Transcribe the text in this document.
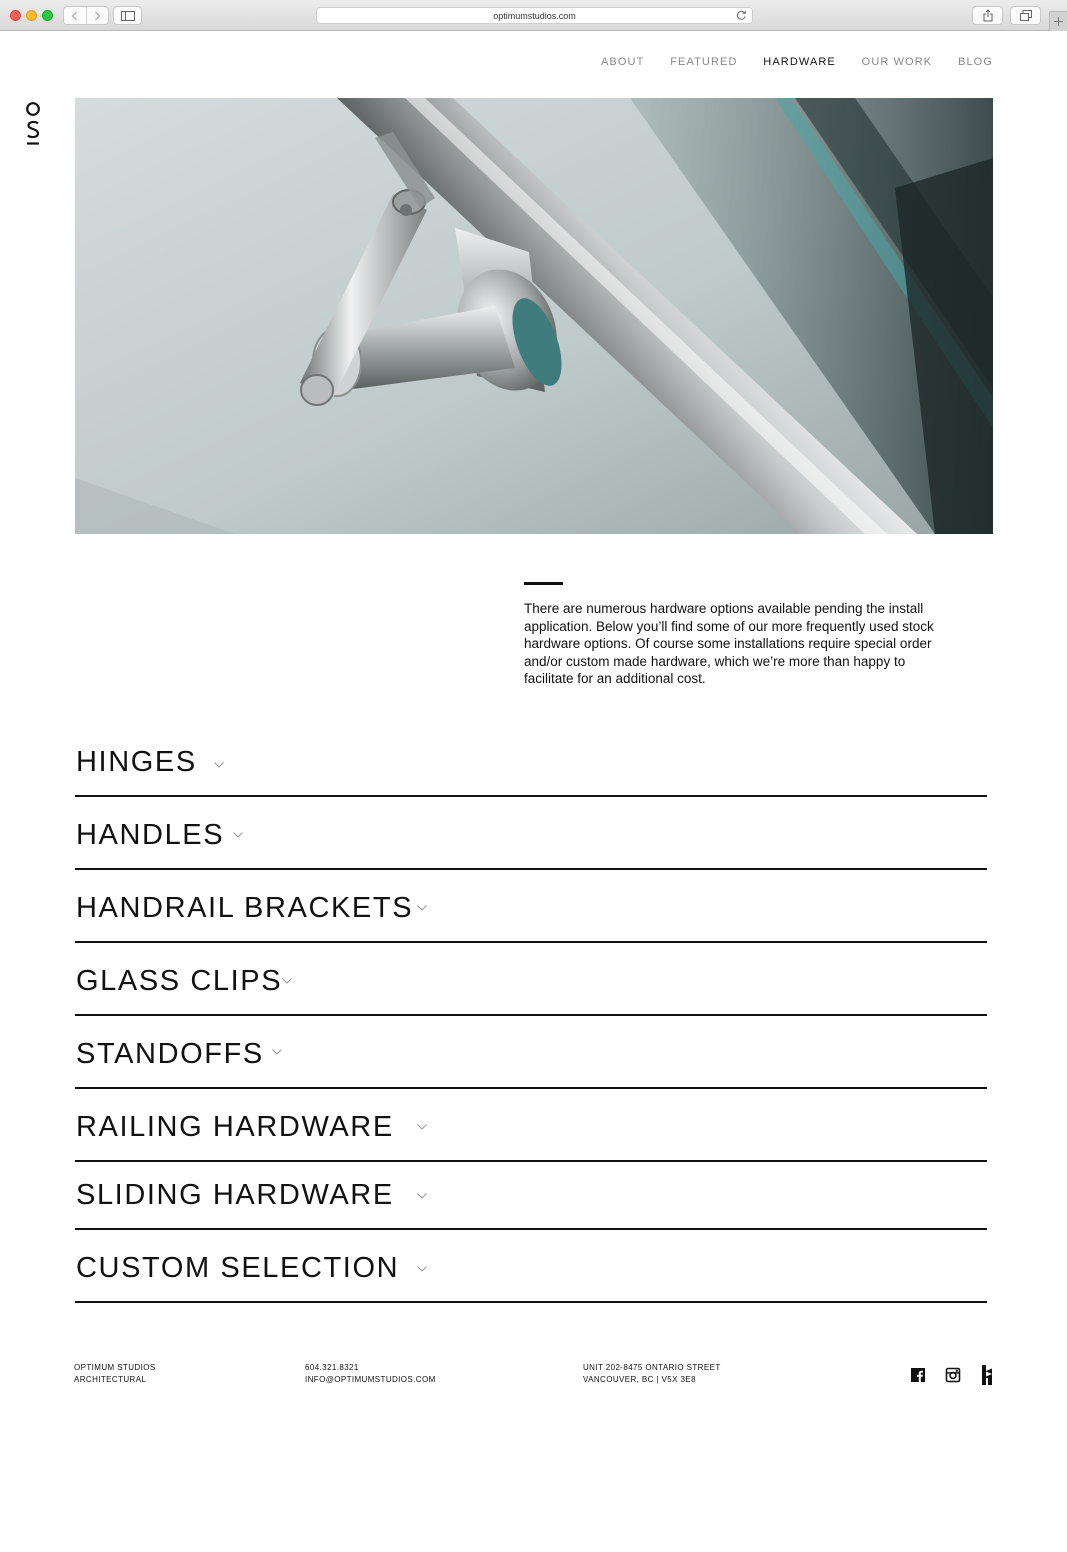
optimumstudios.com
ABOUT FEATURED HARDWARE OUR WORK BLOG

There are numerous hardware options available pending the install application. Below you’ll find some of our more frequently used stock hardware options. Of course some installations require special order and/or custom made hardware, which we’re more than happy to facilitate for an additional cost.

HINGES
HANDLES
HANDRAIL BRACKETS
GLASS CLIPS
STANDOFFS
RAILING HARDWARE
SLIDING HARDWARE
CUSTOM SELECTION
OPTIMUM STUDIOS
ARCHITECTURAL
604.321.8321
INFO@OPTIMUMSTUDIOS.COM
UNIT 202-8475 ONTARIO STREET
VANCOUVER, BC | V5X 3E8
